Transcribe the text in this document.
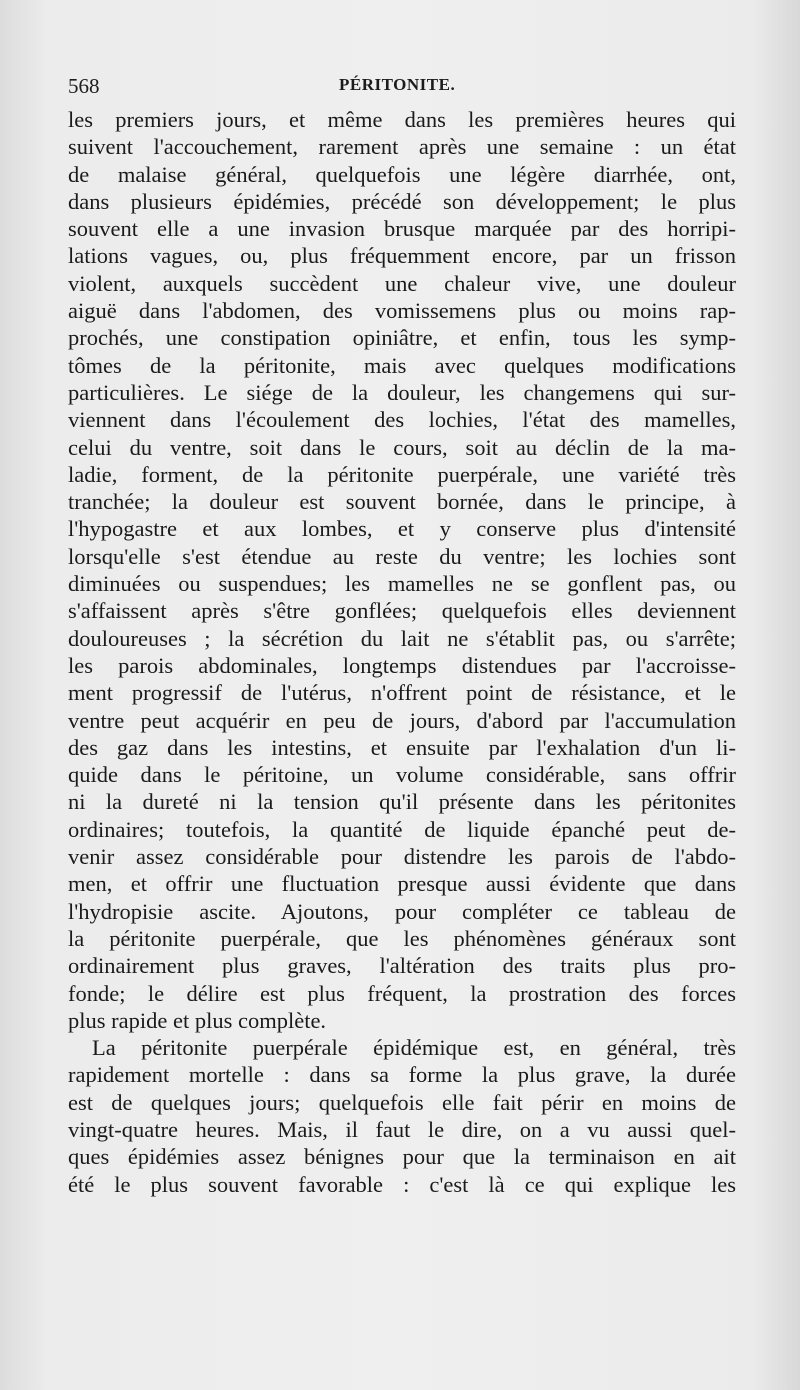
568	PÉRITONITE.
les premiers jours, et même dans les premières heures qui
suivent l'accouchement, rarement après une semaine : un état
de malaise général, quelquefois une légère diarrhée, ont,
dans plusieurs épidémies, précédé son développement; le plus
souvent elle a une invasion brusque marquée par des horripi-
lations vagues, ou, plus fréquemment encore, par un frisson
violent, auxquels succèdent une chaleur vive, une douleur
aiguë dans l'abdomen, des vomissemens plus ou moins rap-
prochés, une constipation opiniâtre, et enfin, tous les symp-
tômes de la péritonite, mais avec quelques modifications
particulières. Le siége de la douleur, les changemens qui sur-
viennent dans l'écoulement des lochies, l'état des mamelles,
celui du ventre, soit dans le cours, soit au déclin de la ma-
ladie, forment, de la péritonite puerpérale, une variété très
tranchée; la douleur est souvent bornée, dans le principe, à
l'hypogastre et aux lombes, et y conserve plus d'intensité
lorsqu'elle s'est étendue au reste du ventre; les lochies sont
diminuées ou suspendues; les mamelles ne se gonflent pas, ou
s'affaissent après s'être gonflées; quelquefois elles deviennent
douloureuses ; la sécrétion du lait ne s'établit pas, ou s'arrête;
les parois abdominales, longtemps distendues par l'accroisse-
ment progressif de l'utérus, n'offrent point de résistance, et le
ventre peut acquérir en peu de jours, d'abord par l'accumulation
des gaz dans les intestins, et ensuite par l'exhalation d'un li-
quide dans le péritoine, un volume considérable, sans offrir
ni la dureté ni la tension qu'il présente dans les péritonites
ordinaires; toutefois, la quantité de liquide épanché peut de-
venir assez considérable pour distendre les parois de l'abdo-
men, et offrir une fluctuation presque aussi évidente que dans
l'hydropisie ascite. Ajoutons, pour compléter ce tableau de
la péritonite puerpérale, que les phénomènes généraux sont
ordinairement plus graves, l'altération des traits plus pro-
fonde; le délire est plus fréquent, la prostration des forces
plus rapide et plus complète.
La péritonite puerpérale épidémique est, en général, très
rapidement mortelle : dans sa forme la plus grave, la durée
est de quelques jours; quelquefois elle fait périr en moins de
vingt-quatre heures. Mais, il faut le dire, on a vu aussi quel-
ques épidémies assez bénignes pour que la terminaison en ait
été le plus souvent favorable : c'est là ce qui explique les
